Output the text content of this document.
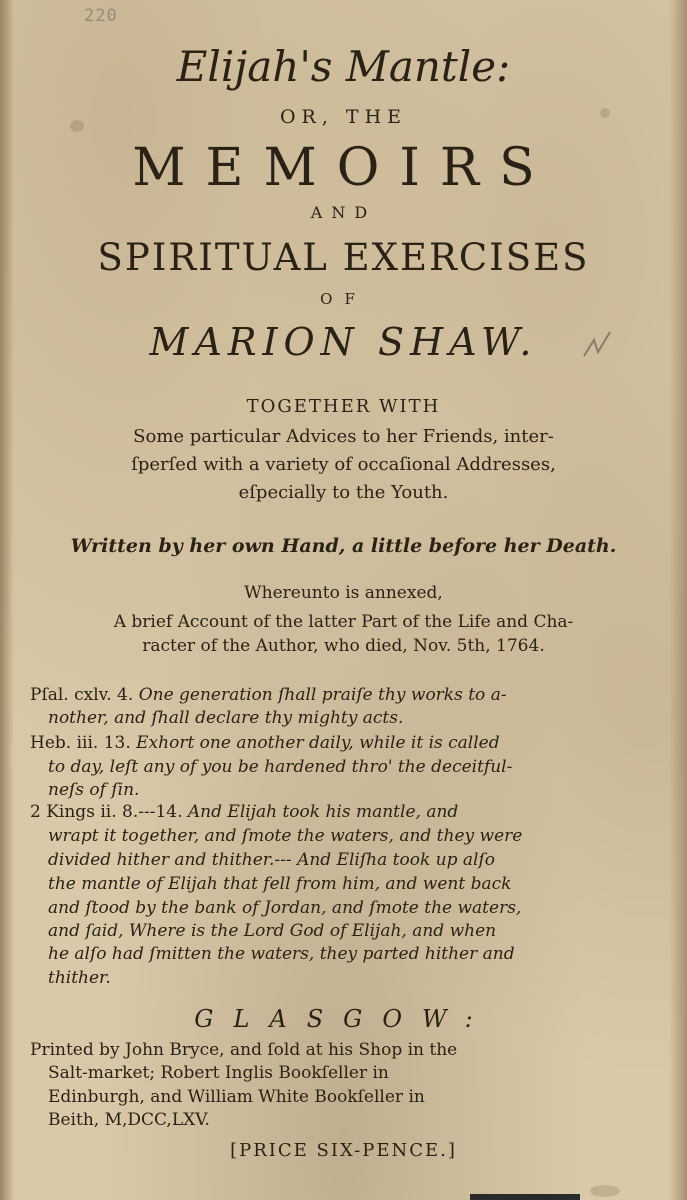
220
Elijah's Mantle:
OR, THE
MEMOIRS
AND
SPIRITUAL EXERCISES
OF
MARION SHAW.
TOGETHER WITH
Some particular Advices to her Friends, inter-
ſperſed with a variety of occaſional Addresses,
eſpecially to the Youth.
Written by her own Hand, a little before her Death.
Whereunto is annexed,
A brief Account of the latter Part of the Life and Cha-
racter of the Author, who died, Nov. 5th, 1764.
Pſal. cxlv. 4. One generation ſhall praiſe thy works to a-
nother, and ſhall declare thy mighty acts.
Heb. iii. 13. Exhort one another daily, while it is called
to day, leſt any of you be hardened thro' the deceitful-
neſs of ſin.
2 Kings ii. 8.---14. And Elijah took his mantle, and
wrapt it together, and ſmote the waters, and they were
divided hither and thither.--- And Eliſha took up alſo
the mantle of Elijah that fell from him, and went back
and ſtood by the bank of Jordan, and ſmote the waters,
and ſaid, Where is the Lord God of Elijah, and when
he alſo had ſmitten the waters, they parted hither and
thither.
GLASGOW:
Printed by John Bryce, and ſold at his Shop in the
Salt-market; Robert Inglis Bookſeller in
Edinburgh, and William White Bookſeller in
Beith, M,DCC,LXV.
[PRICE SIX-PENCE.]
